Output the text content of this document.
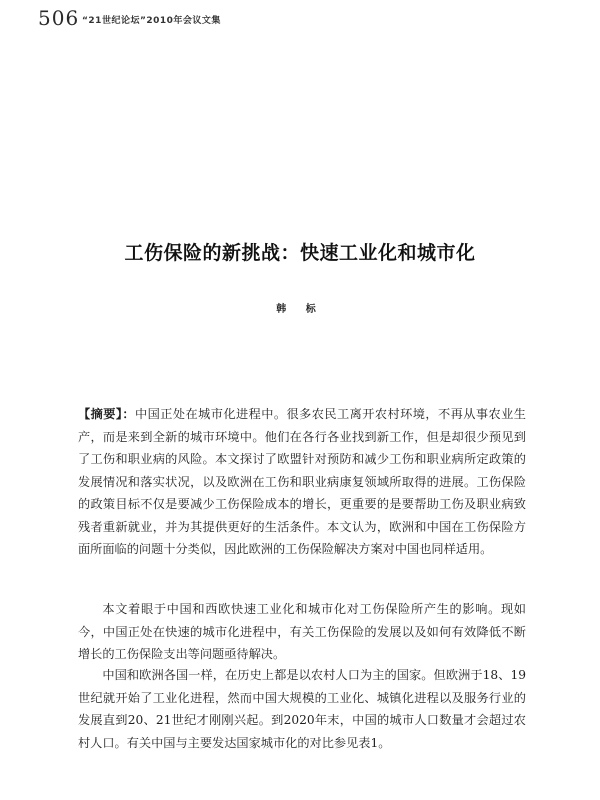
506 “21世纪论坛”2010年会议文集
工伤保险的新挑战：快速工业化和城市化
韩 标
【摘要】：中国正处在城市化进程中。很多农民工离开农村环境，不再从事农业生产，而是来到全新的城市环境中。他们在各行各业找到新工作，但是却很少预见到了工伤和职业病的风险。本文探讨了欧盟针对预防和减少工伤和职业病所定政策的发展情况和落实状况，以及欧洲在工伤和职业病康复领域所取得的进展。工伤保险的政策目标不仅是要减少工伤保险成本的增长，更重要的是要帮助工伤及职业病致残者重新就业，并为其提供更好的生活条件。本文认为，欧洲和中国在工伤保险方面所面临的问题十分类似，因此欧洲的工伤保险解决方案对中国也同样适用。

本文着眼于中国和西欧快速工业化和城市化对工伤保险所产生的影响。现如今，中国正处在快速的城市化进程中，有关工伤保险的发展以及如何有效降低不断增长的工伤保险支出等问题亟待解决。

中国和欧洲各国一样，在历史上都是以农村人口为主的国家。但欧洲于18、19世纪就开始了工业化进程，然而中国大规模的工业化、城镇化进程以及服务行业的发展直到20、21世纪才刚刚兴起。到2020年末，中国的城市人口数量才会超过农村人口。有关中国与主要发达国家城市化的对比参见表1。
